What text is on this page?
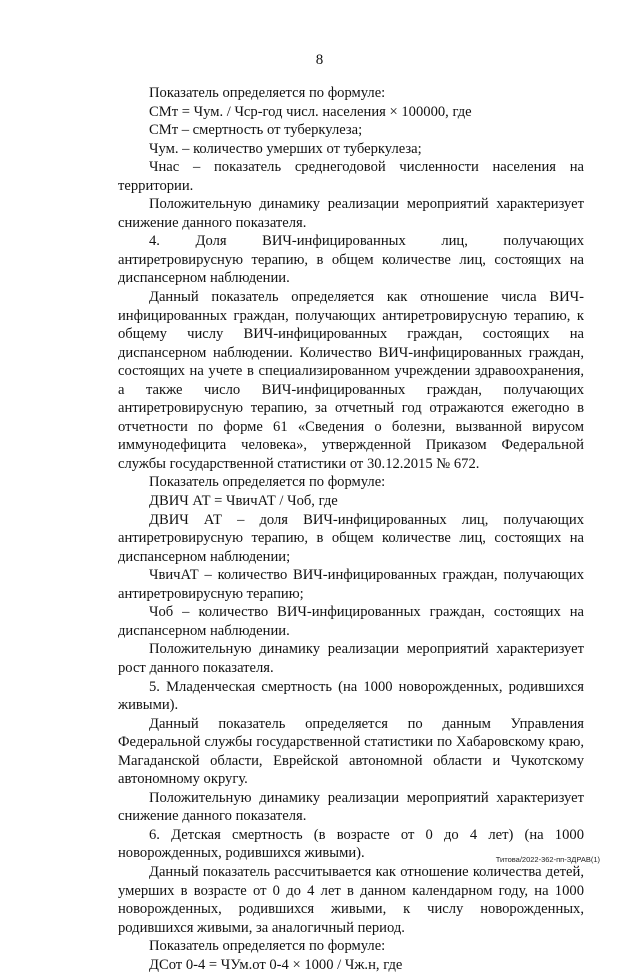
8

Показатель определяется по формуле:

СМт = Чум. / Чср-год числ. населения × 100000, где

СМт – смертность от туберкулеза;

Чум. – количество умерших от туберкулеза;

Чнас – показатель среднегодовой численности населения на территории.

Положительную динамику реализации мероприятий характеризует снижение данного показателя.

4. Доля ВИЧ-инфицированных лиц, получающих антиретровирусную терапию, в общем количестве лиц, состоящих на диспансерном наблюдении.

Данный показатель определяется как отношение числа ВИЧ-инфицированных граждан, получающих антиретровирусную терапию, к общему числу ВИЧ-инфицированных граждан, состоящих на диспансерном наблюдении. Количество ВИЧ-инфицированных граждан, состоящих на учете в специализированном учреждении здравоохранения, а также число ВИЧ-инфицированных граждан, получающих антиретровирусную терапию, за отчетный год отражаются ежегодно в отчетности по форме 61 «Сведения о болезни, вызванной вирусом иммунодефицита человека», утвержденной Приказом Федеральной службы государственной статистики от 30.12.2015 № 672.

Показатель определяется по формуле:

ДВИЧ АТ = ЧвичАТ / Чоб, где

ДВИЧ АТ – доля ВИЧ-инфицированных лиц, получающих антиретровирусную терапию, в общем количестве лиц, состоящих на диспансерном наблюдении;

ЧвичАТ – количество ВИЧ-инфицированных граждан, получающих антиретровирусную терапию;

Чоб – количество ВИЧ-инфицированных граждан, состоящих на диспансерном наблюдении.

Положительную динамику реализации мероприятий характеризует рост данного показателя.

5. Младенческая смертность (на 1000 новорожденных, родившихся живыми).

Данный показатель определяется по данным Управления Федеральной службы государственной статистики по Хабаровскому краю, Магаданской области, Еврейской автономной области и Чукотскому автономному округу.

Положительную динамику реализации мероприятий характеризует снижение данного показателя.

6. Детская смертность (в возрасте от 0 до 4 лет) (на 1000 новорожденных, родившихся живыми).

Данный показатель рассчитывается как отношение количества детей, умерших в возрасте от 0 до 4 лет в данном календарном году, на 1000 новорожденных, родившихся живыми, к числу новорожденных, родившихся живыми, за аналогичный период.

Показатель определяется по формуле:

ДСот 0-4 = ЧУм.от 0-4 × 1000 / Чж.н, где

Титова/2022-362-пп-ЗДРАВ(1)
